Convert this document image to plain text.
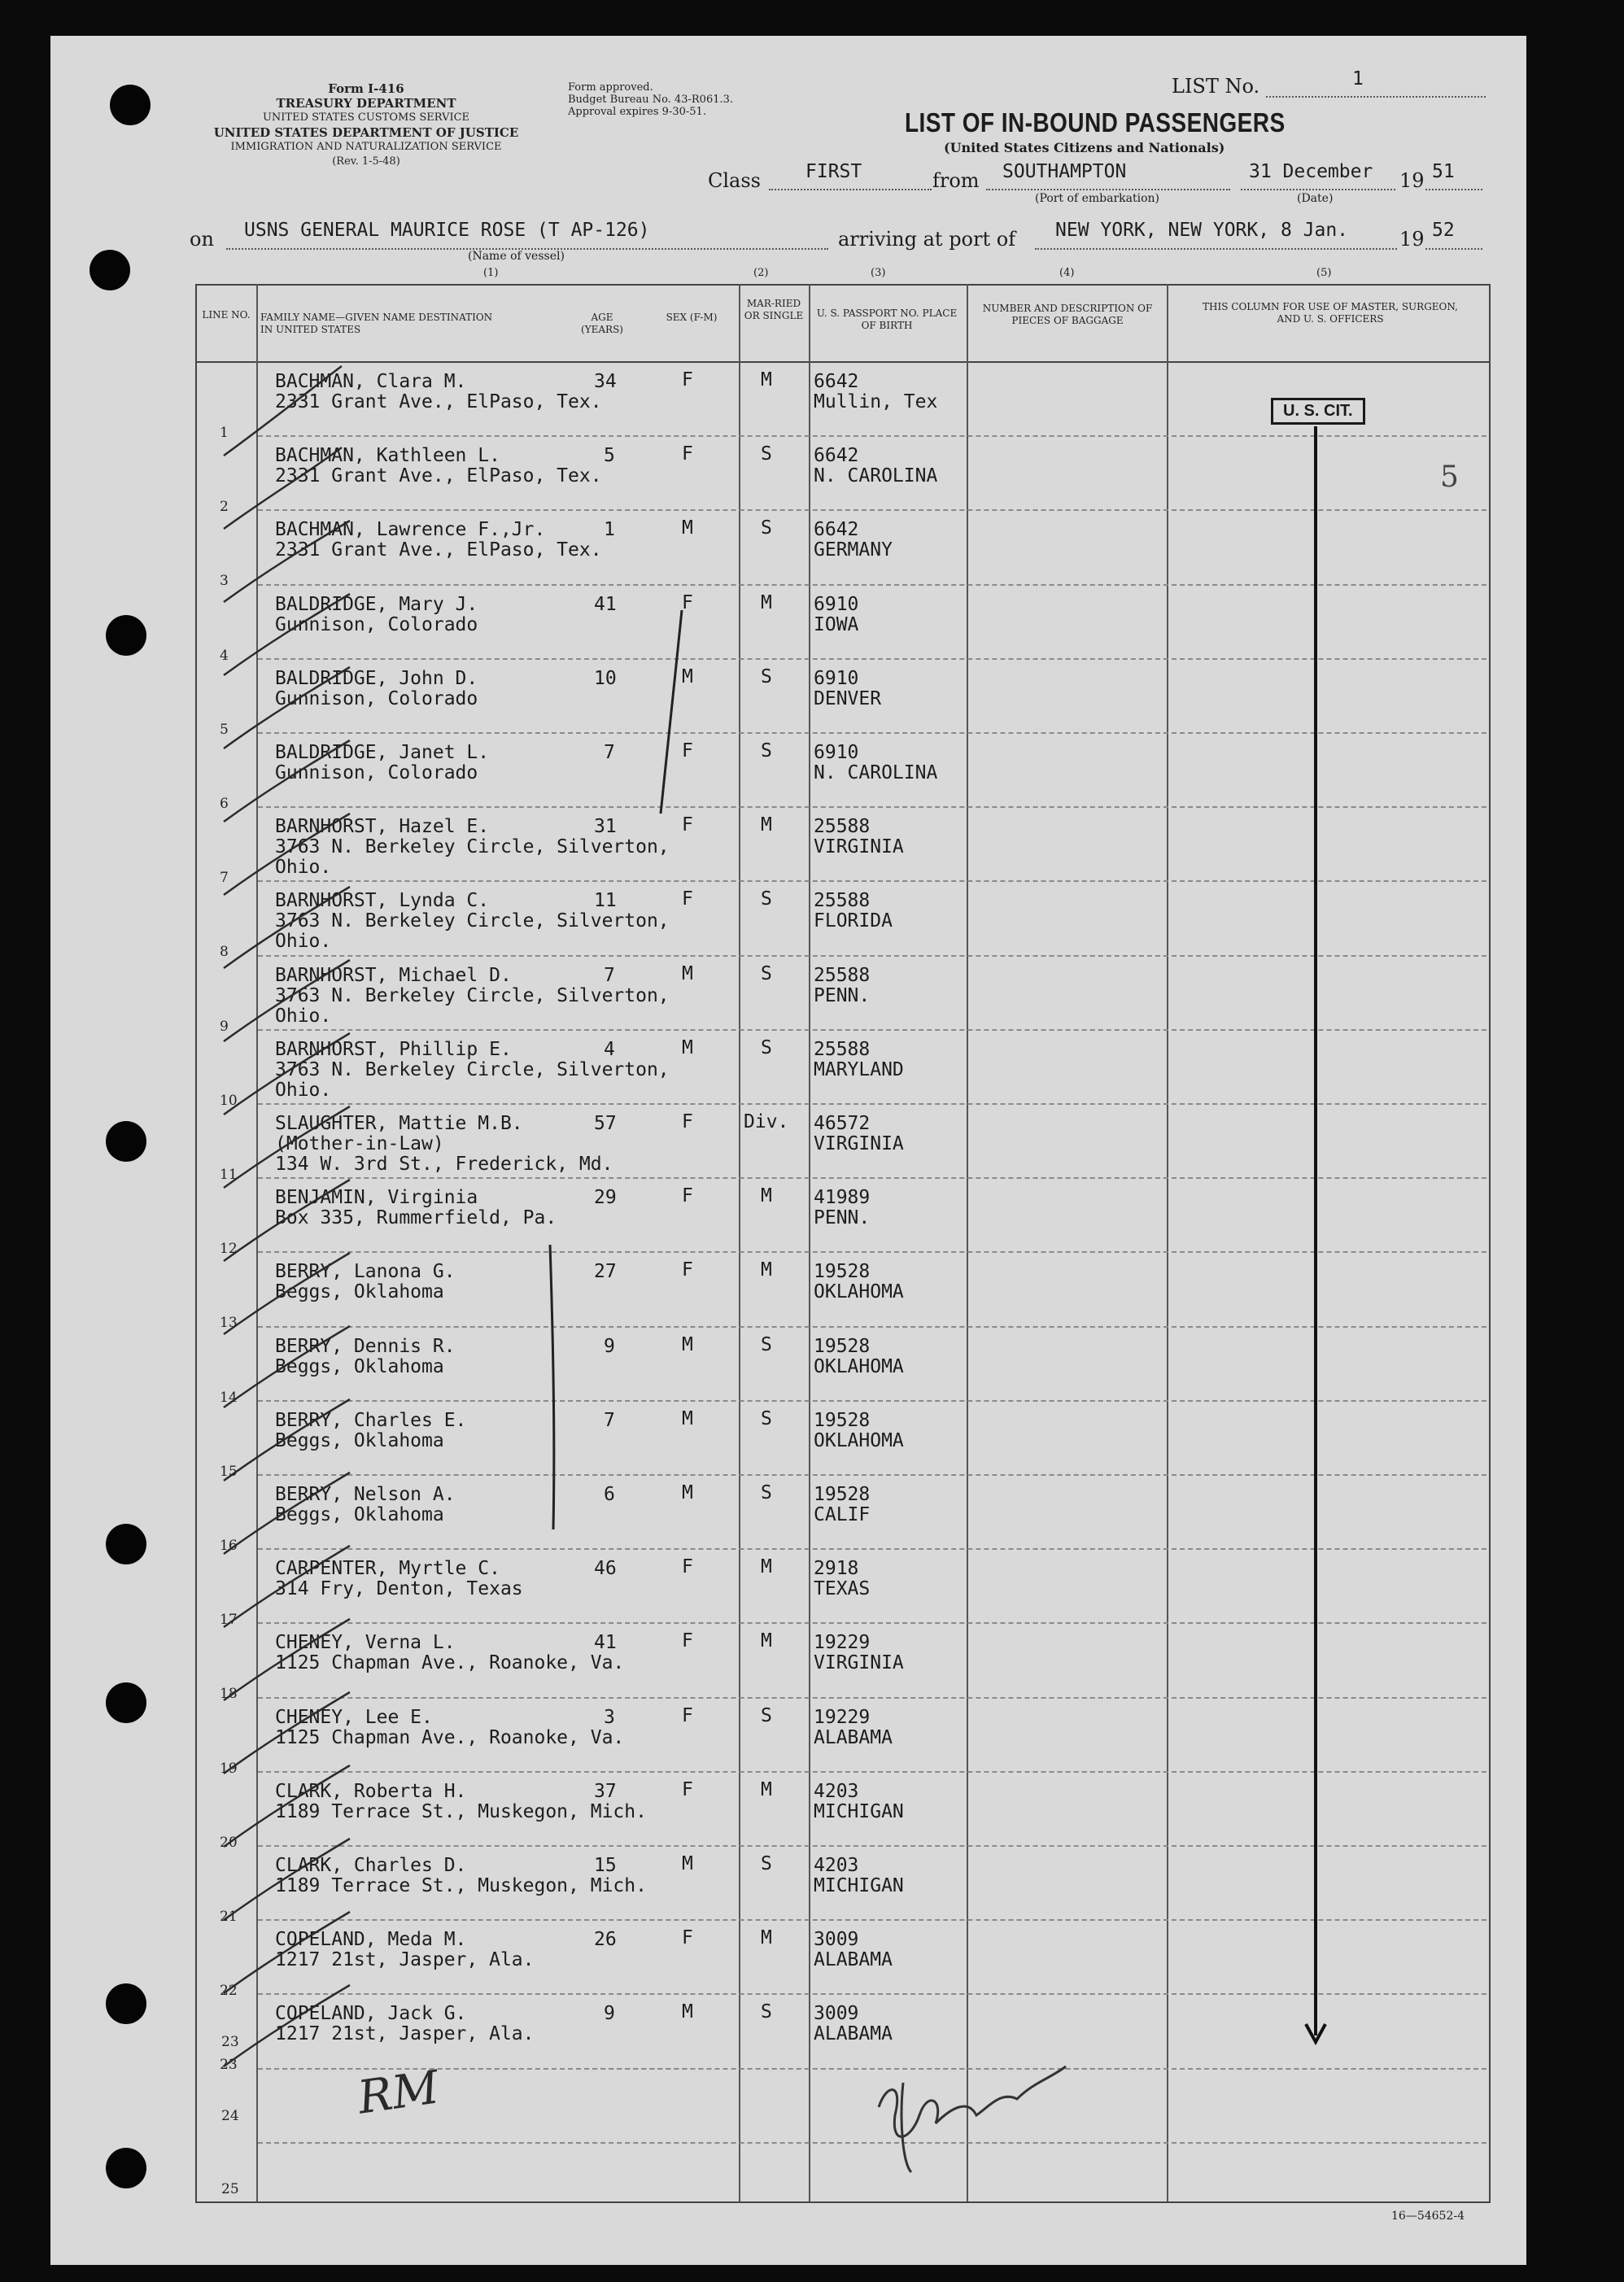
Form I-416
TREASURY DEPARTMENT
UNITED STATES CUSTOMS SERVICE
UNITED STATES DEPARTMENT OF JUSTICE
IMMIGRATION AND NATURALIZATION SERVICE
(Rev. 1-5-48)
Form approved.
Budget Bureau No. 43-R061.3.
Approval expires 9-30-51.
LIST No.	1
LIST OF IN-BOUND PASSENGERS
(United States Citizens and Nationals)
Class FIRST	from SOUTHAMPTON
(Port of embarkation)
31 December 19 51
(Date)
on USNS GENERAL MAURICE ROSE (T AP-126)
(Name of vessel)
arriving at port of NEW YORK, NEW YORK, 8 Jan.	19 52
(1)	(2)	(3)	(4)	(5)
LINE NO.	FAMILY NAME—GIVEN NAME DESTINATION IN UNITED STATES
AGE (YEARS)
SEX (F-M)
MAR-RIED OR SINGLE	U. S. PASSPORT NO. PLACE OF BIRTH
NUMBER AND DESCRIPTION OF PIECES OF BAGGAGE
THIS COLUMN FOR USE OF MASTER, SURGEON, AND U. S. OFFICERS
1
BACHMAN, Clara M.
2331 Grant Ave., ElPaso, Tex.
34	F	M 6642
Mullin, Tex
2
BACHMAN, Kathleen L.
2331 Grant Ave., ElPaso, Tex.
5	F	S 6642
N. CAROLINA
3
BACHMAN, Lawrence F.,Jr.
2331 Grant Ave., ElPaso, Tex.
1	M	S 6642
GERMANY
4
BALDRIDGE, Mary J.
Gunnison, Colorado
41	F	M 6910
IOWA
5
BALDRIDGE, John D.
Gunnison, Colorado
10	M	S 6910
DENVER
6
BALDRIDGE, Janet L.
Gunnison, Colorado
7	F	S 6910
N. CAROLINA
7
BARNHORST, Hazel E.
3763 N. Berkeley Circle, Silverton,
Ohio.
31	F	M 25588
VIRGINIA
8
BARNHORST, Lynda C.
3763 N. Berkeley Circle, Silverton,
Ohio.
11	F	S 25588
FLORIDA
9
BARNHORST, Michael D.
3763 N. Berkeley Circle, Silverton,
Ohio.
7	M	S 25588
PENN.
10
BARNHORST, Phillip E.
3763 N. Berkeley Circle, Silverton,
Ohio.
4	M	S 25588
MARYLAND
11
SLAUGHTER, Mattie M.B.
(Mother-in-Law)
134 W. 3rd St., Frederick, Md.
57	F	Div. 46572
VIRGINIA
12
BENJAMIN, Virginia
Box 335, Rummerfield, Pa.
29	F	M 41989
PENN.
13
BERRY, Lanona G.
Beggs, Oklahoma
27	F	M 19528
OKLAHOMA
14
BERRY, Dennis R.
Beggs, Oklahoma
9	M	S 19528
OKLAHOMA
15
BERRY, Charles E.
Beggs, Oklahoma
7	M	S 19528
OKLAHOMA
16
BERRY, Nelson A.
Beggs, Oklahoma
6	M	S 19528
CALIF
17
CARPENTER, Myrtle C.
314 Fry, Denton, Texas
46	F	M 2918
TEXAS
18
CHENEY, Verna L.
1125 Chapman Ave., Roanoke, Va.
41	F	M 19229
VIRGINIA
19
CHENEY, Lee E.
1125 Chapman Ave., Roanoke, Va.
3	F	S 19229
ALABAMA
20
CLARK, Roberta H.
1189 Terrace St., Muskegon, Mich.
37	F	M 4203
MICHIGAN
21
CLARK, Charles D.
1189 Terrace St., Muskegon, Mich.
15	M	S 4203
MICHIGAN
22
COPELAND, Meda M.
1217 21st, Jasper, Ala.
26	F	M 3009
ALABAMA
23
COPELAND, Jack G.
1217 21st, Jasper, Ala.
9	M	S 3009
ALABAMA
U. S. CIT.
5
23
24
25
RM
16—54652-4
